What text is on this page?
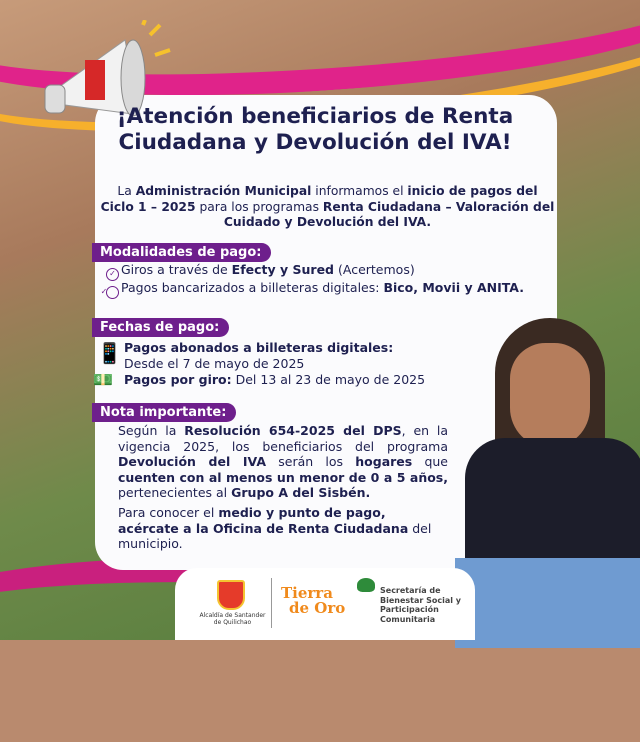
¡Atención beneficiarios de Renta Ciudadana y Devolución del IVA!
La Administración Municipal informamos el inicio de pagos del Ciclo 1 – 2025 para los programas Renta Ciudadana – Valoración del Cuidado y Devolución del IVA.
Modalidades de pago:
✓ Giros a través de Efecty y Sured (Acertemos)
✓ Pagos bancarizados a billeteras digitales: Bico, Movii y ANITA.
Fechas de pago:
📱 Pagos abonados a billeteras digitales:
Desde el 7 de mayo de 2025
💵 Pagos por giro: Del 13 al 23 de mayo de 2025
Nota importante:
Según la Resolución 654-2025 del DPS, en la vigencia 2025, los beneficiarios del programa Devolución del IVA serán los hogares que cuenten con al menos un menor de 0 a 5 años, pertenecientes al Grupo A del Sisbén.
Para conocer el medio y punto de pago, acércate a la Oficina de Renta Ciudadana del municipio.
Alcaldía de Santander de Quilichao
Tierra
de Oro
Secretaría de Bienestar Social y Participación Comunitaria
